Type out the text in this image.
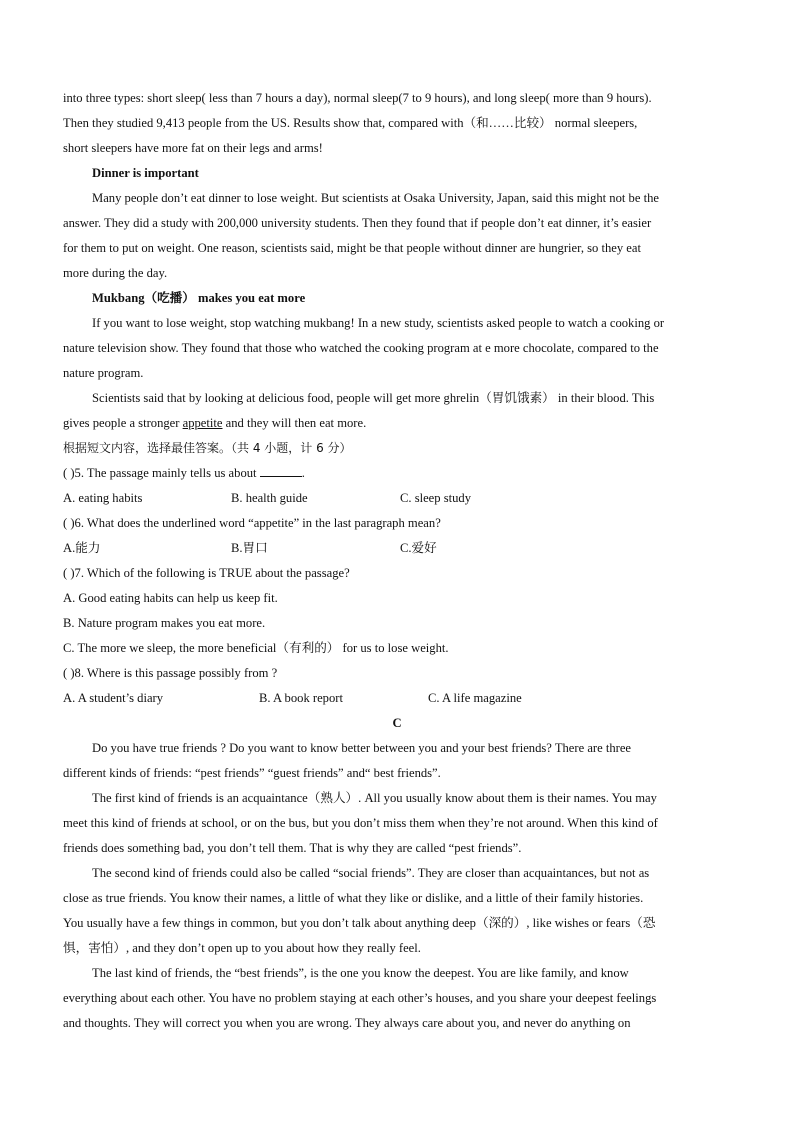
into three types: short sleep( less than 7 hours a day), normal sleep(7 to 9 hours), and long sleep( more than 9 hours).
Then they studied 9,413 people from the US. Results show that, compared with（和……比较） normal sleepers,
short sleepers have more fat on their legs and arms!
Dinner is important
Many people don’t eat dinner to lose weight. But scientists at Osaka University, Japan, said this might not be the
answer. They did a study with 200,000 university students. Then they found that if people don’t eat dinner, it’s easier
for them to put on weight. One reason, scientists said, might be that people without dinner are hungrier, so they eat
more during the day.
Mukbang（吃播） makes you eat more
If you want to lose weight, stop watching mukbang! In a new study, scientists asked people to watch a cooking or
nature television show. They found that those who watched the cooking program at e more chocolate, compared to the
nature program.
Scientists said that by looking at delicious food, people will get more ghrelin（胃饥饿素） in their blood. This
gives people a stronger appetite and they will then eat more.
根据短文内容，选择最佳答案。（共 4 小题，计 6 分）
( )5. The passage mainly tells us about	.
A. eating habits	B. health guide	C. sleep study
( )6. What does the underlined word “appetite” in the last paragraph mean?
A.能力	B.胃口	C.爱好
( )7. Which of the following is TRUE about the passage?
A. Good eating habits can help us keep fit.
B. Nature program makes you eat more.
C. The more we sleep, the more beneficial（有利的） for us to lose weight.
( )8. Where is this passage possibly from ?
A. A student’s diary	B. A book report	C. A life magazine
C
Do you have true friends ? Do you want to know better between you and your best friends? There are three
different kinds of friends: “pest friends” “guest friends” and“ best friends”.
The first kind of friends is an acquaintance（熟人）. All you usually know about them is their names. You may
meet this kind of friends at school, or on the bus, but you don’t miss them when they’re not around. When this kind of
friends does something bad, you don’t tell them. That is why they are called “pest friends”.
The second kind of friends could also be called “social friends”. They are closer than acquaintances, but not as
close as true friends. You know their names, a little of what they like or dislike, and a little of their family histories.
You usually have a few things in common, but you don’t talk about anything deep（深的）, like wishes or fears（恐
惧，害怕）, and they don’t open up to you about how they really feel.
The last kind of friends, the “best friends”, is the one you know the deepest. You are like family, and know
everything about each other. You have no problem staying at each other’s houses, and you share your deepest feelings
and thoughts. They will correct you when you are wrong. They always care about you, and never do anything on
